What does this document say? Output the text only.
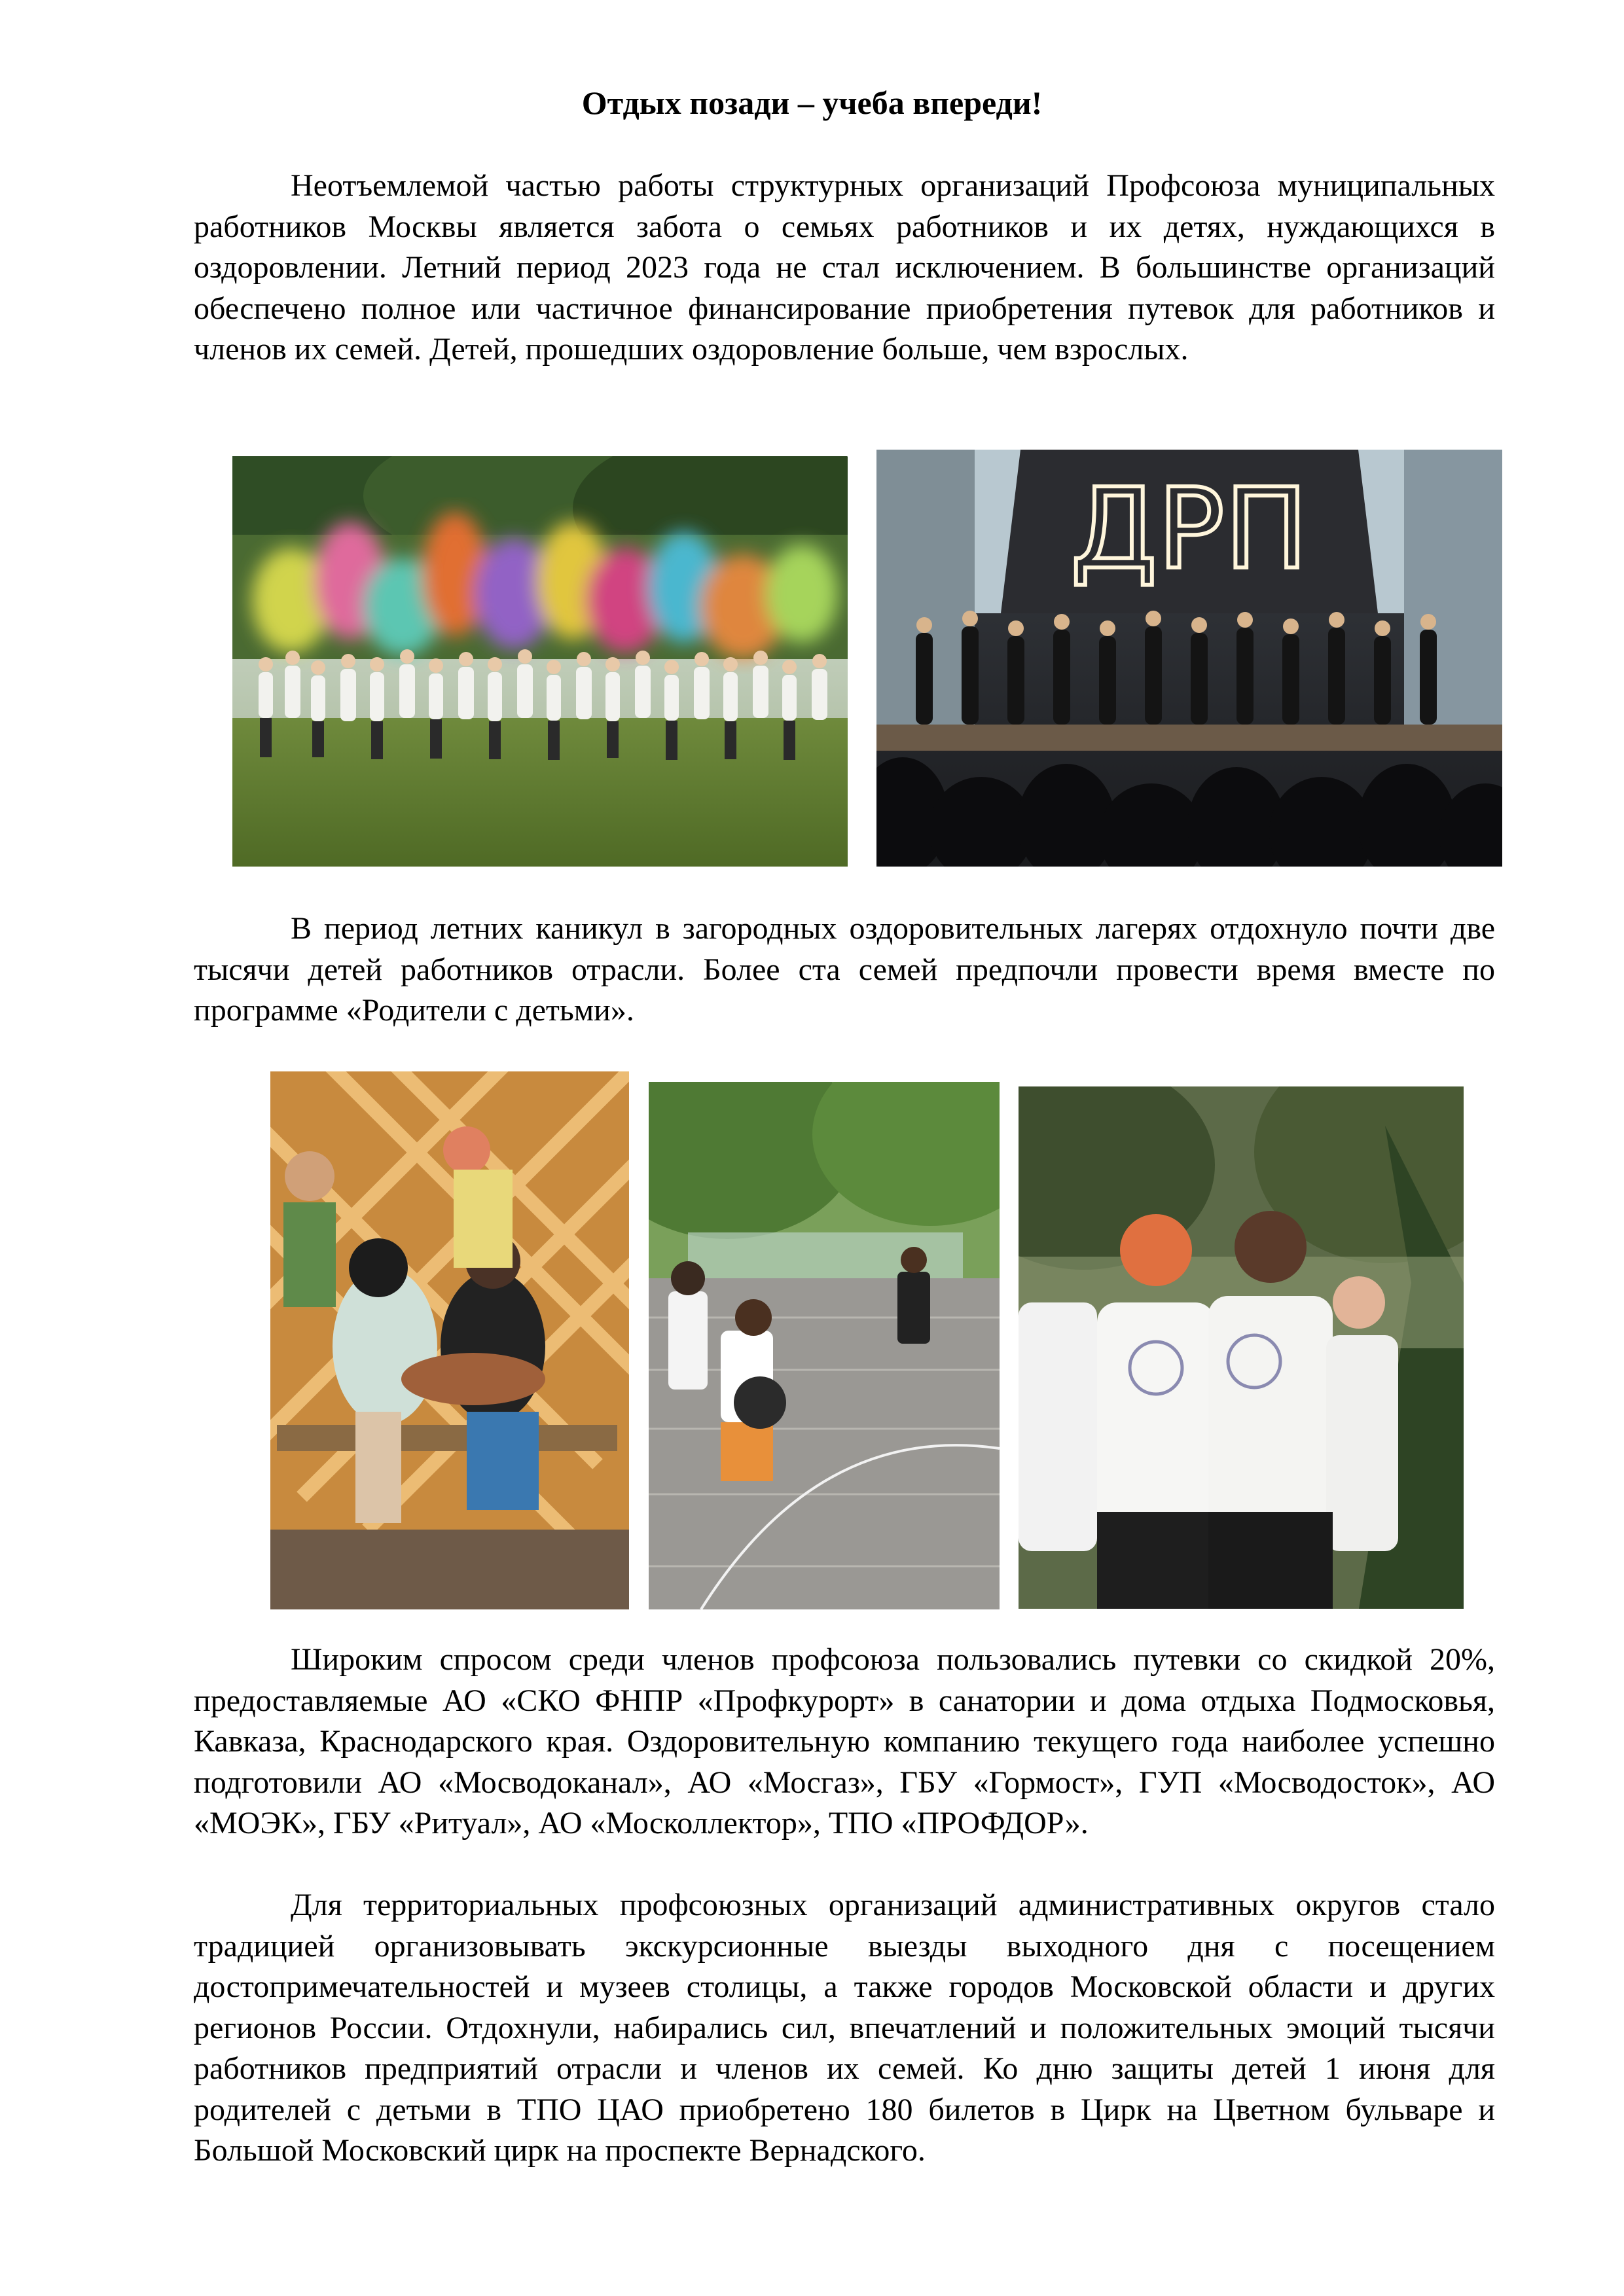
Отдых позади – учеба впереди!

Неотъемлемой частью работы структурных организаций Профсоюза муниципальных работников Москвы является забота о семьях работников и их детях, нуждающихся в оздоровлении. Летний период 2023 года не стал исключением. В большинстве организаций обеспечено полное или частичное финансирование приобретения путевок для работников и членов их семей. Детей, прошедших оздоровление больше, чем взрослых.

ДРП

В период летних каникул в загородных оздоровительных лагерях отдохнуло почти две тысячи детей работников отрасли. Более ста семей предпочли провести время вместе по программе «Родители с детьми».

Широким спросом среди членов профсоюза пользовались путевки со скидкой 20%, предоставляемые АО «СКО ФНПР «Профкурорт» в санатории и дома отдыха Подмосковья, Кавказа, Краснодарского края. Оздоровительную компанию текущего года наиболее успешно подготовили АО «Мосводоканал», АО «Мосгаз», ГБУ «Гормост», ГУП «Мосводосток», АО «МОЭК», ГБУ «Ритуал», АО «Москоллектор», ТПО «ПРОФДОР».

Для территориальных профсоюзных организаций административных округов стало традицией организовывать экскурсионные выезды выходного дня с посещением достопримечательностей и музеев столицы, а также городов Московской области и других регионов России. Отдохнули, набирались сил, впечатлений и положительных эмоций тысячи работников предприятий отрасли и членов их семей. Ко дню защиты детей 1 июня для родителей с детьми в ТПО ЦАО приобретено 180 билетов в Цирк на Цветном бульваре и Большой Московский цирк на проспекте Вернадского.
